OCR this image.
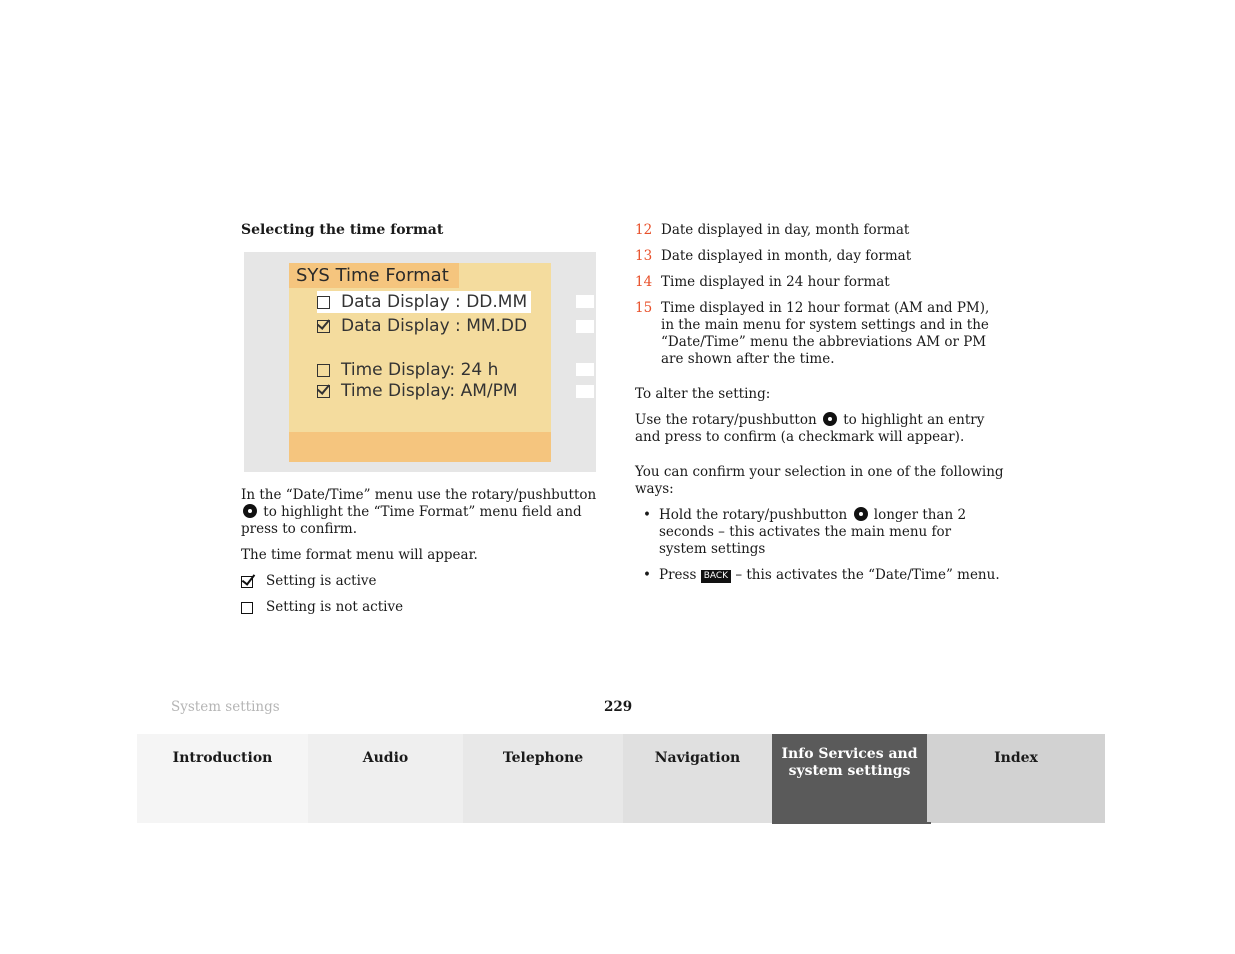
Selecting the time format
SYS Time Format
Data Display : DD.MM
Data Display : MM.DD
Time Display: 24 h
Time Display: AM/PM
In the “Date/Time” menu use the rotary/pushbutton  to highlight the “Time Format” menu field and press to confirm.
The time format menu will appear.
Setting is active
Setting is not active
12 Date displayed in day, month format
13 Date displayed in month, day format
14 Time displayed in 24 hour format
15 Time displayed in 12 hour format (AM and PM), in the main menu for system settings and in the “Date/Time” menu the abbreviations AM or PM are shown after the time.
To alter the setting:
Use the rotary/pushbutton to highlight an entry and press to confirm (a checkmark will appear).
You can confirm your selection in one of the following ways:
• Hold the rotary/pushbutton longer than 2 seconds – this activates the main menu for system settings
• Press BACK – this activates the “Date/Time” menu.
System settings	229
Introduction	Audio	Telephone	Navigation	Info Services and system settings
Index
